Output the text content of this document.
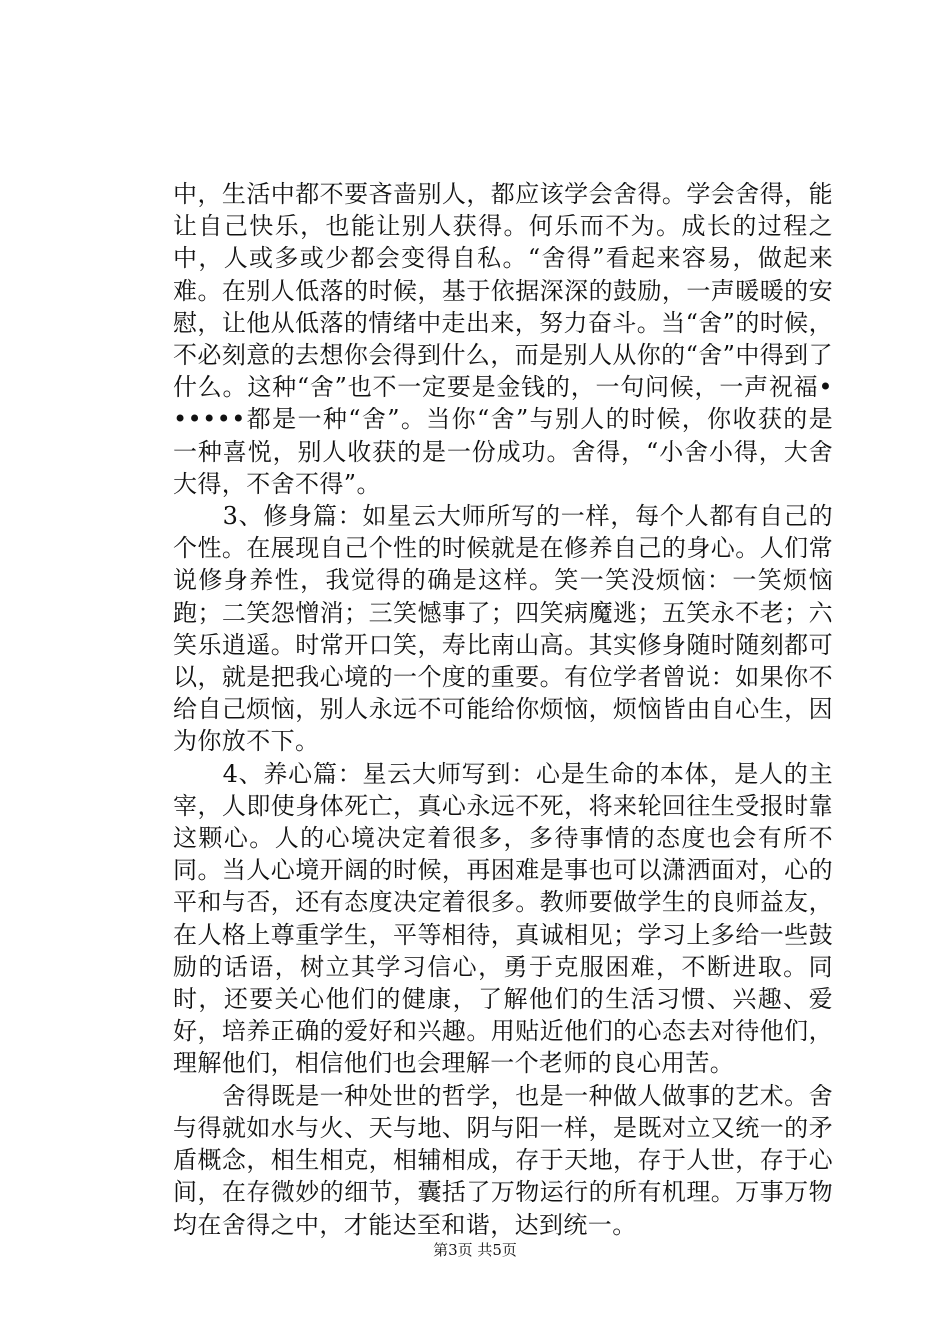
中，生活中都不要吝啬别人，都应该学会舍得。学会舍得，能让自己快乐，也能让别人获得。何乐而不为。成长的过程之中，人或多或少都会变得自私。“舍得”看起来容易，做起来难。在别人低落的时候，基于依据深深的鼓励，一声暖暖的安慰，让他从低落的情绪中走出来，努力奋斗。当“舍”的时候，不必刻意的去想你会得到什么，而是别人从你的“舍”中得到了什么。这种“舍”也不一定要是金钱的，一句问候，一声祝福••••••都是一种“舍”。当你“舍”与别人的时候，你收获的是一种喜悦，别人收获的是一份成功。舍得，“小舍小得，大舍大得，不舍不得”。

　　3、修身篇：如星云大师所写的一样，每个人都有自己的个性。在展现自己个性的时候就是在修养自己的身心。人们常说修身养性，我觉得的确是这样。笑一笑没烦恼：一笑烦恼跑；二笑怨憎消；三笑憾事了；四笑病魔逃；五笑永不老；六笑乐逍遥。时常开口笑，寿比南山高。其实修身随时随刻都可以，就是把我心境的一个度的重要。有位学者曾说：如果你不给自己烦恼，别人永远不可能给你烦恼，烦恼皆由自心生，因为你放不下。

　　4、养心篇：星云大师写到：心是生命的本体，是人的主宰，人即使身体死亡，真心永远不死，将来轮回往生受报时靠这颗心。人的心境决定着很多，多待事情的态度也会有所不同。当人心境开阔的时候，再困难是事也可以潇洒面对，心的平和与否，还有态度决定着很多。教师要做学生的良师益友，在人格上尊重学生，平等相待，真诚相见；学习上多给一些鼓励的话语，树立其学习信心，勇于克服困难，不断进取。同时，还要关心他们的健康，了解他们的生活习惯、兴趣、爱好，培养正确的爱好和兴趣。用贴近他们的心态去对待他们，理解他们，相信他们也会理解一个老师的良心用苦。

　　舍得既是一种处世的哲学，也是一种做人做事的艺术。舍与得就如水与火、天与地、阴与阳一样，是既对立又统一的矛盾概念，相生相克，相辅相成，存于天地，存于人世，存于心间，在存微妙的细节，囊括了万物运行的所有机理。万事万物均在舍得之中，才能达至和谐，达到统一。

第3页 共5页
